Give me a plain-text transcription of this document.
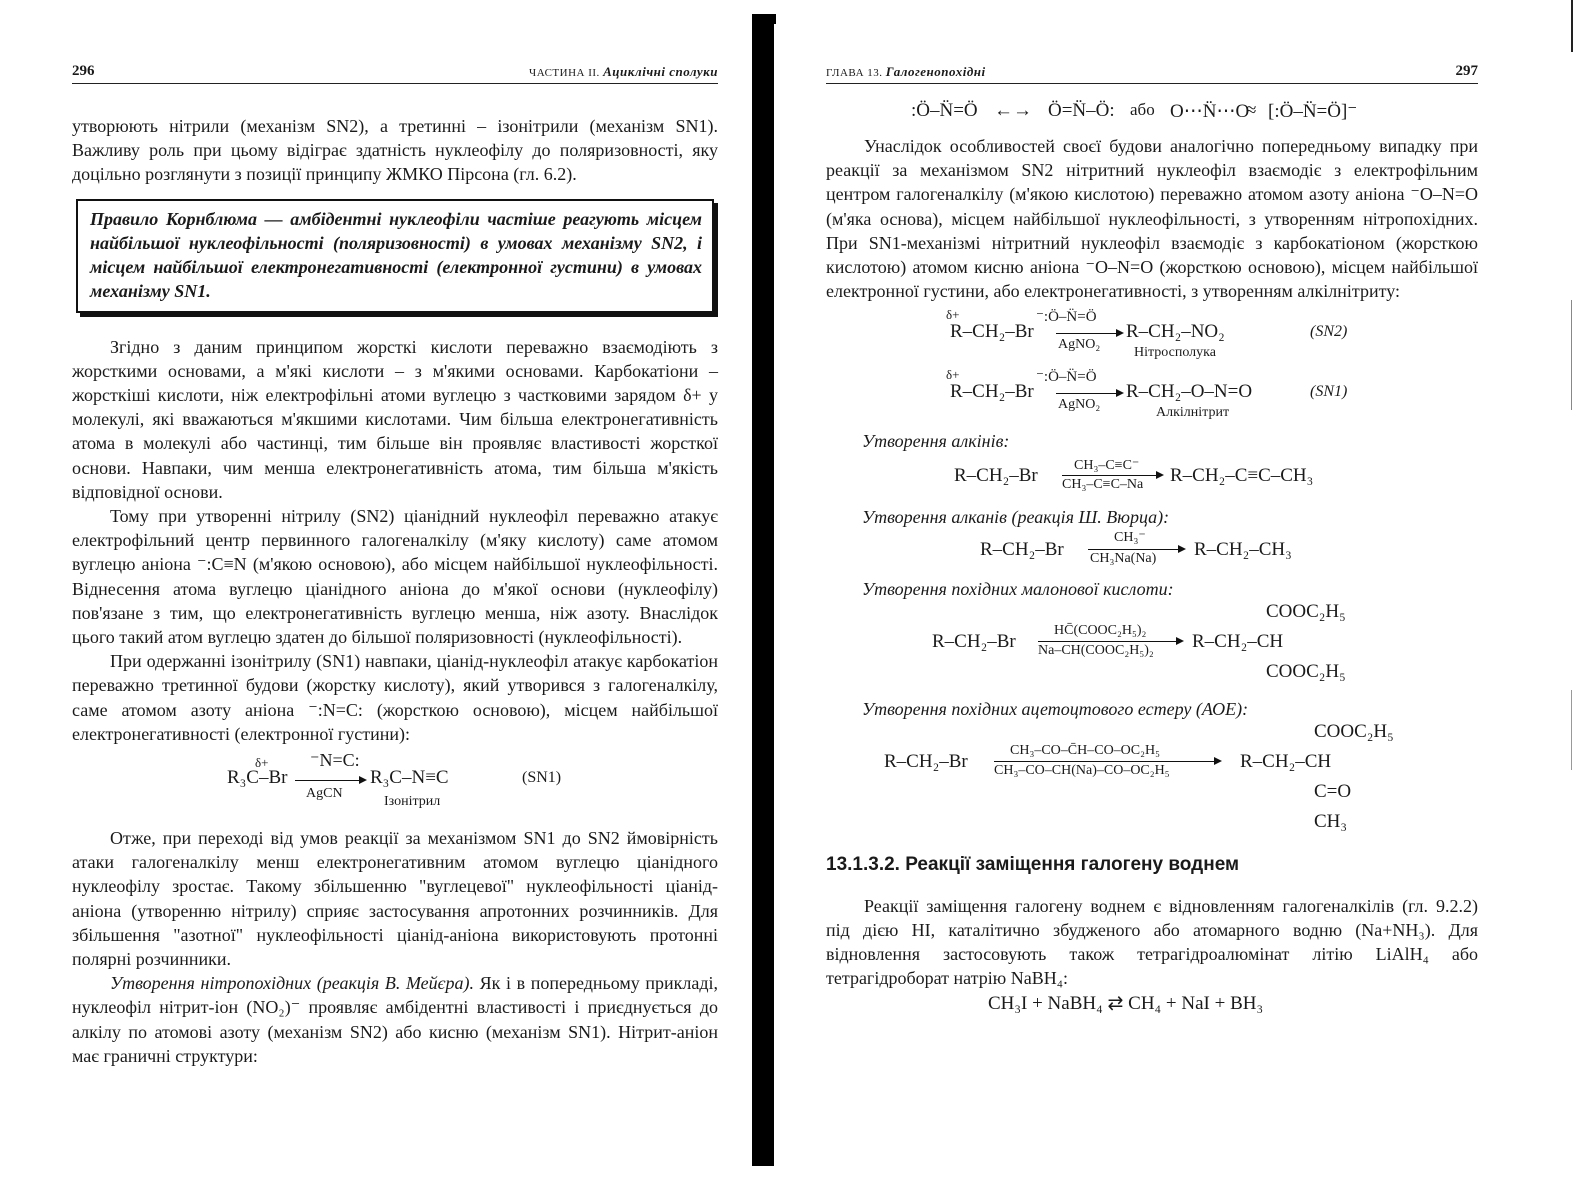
296	ЧАСТИНА II. Ациклічні сполуки

утворюють нітрили (механізм SN2), а третинні – ізонітрили (механізм SN1). Важливу роль при цьому відіграє здатність нуклеофілу до поляризовності, яку доцільно розглянути з позиції принципу ЖМКО Пірсона (гл. 6.2).

Правило Корнблюма — амбідентні нуклеофіли частіше реагують місцем найбільшої нуклеофільності (поляризовності) в умовах механізму SN2, і місцем найбільшої електронегативності (електронної густини) в умовах механізму SN1.

Згідно з даним принципом жорсткі кислоти переважно взаємодіють з жорсткими основами, а м'які кислоти – з м'якими основами. Карбокатіони – жорсткіші кислоти, ніж електрофільні атоми вуглецю з частковими зарядом δ+ у молекулі, які вважаються м'якшими кислотами. Чим більша електронегативність атома в молекулі або частинці, тим більше він проявляє властивості жорсткої основи. Навпаки, чим менша електронегативність атома, тим більша м'якість відповідної основи.

Тому при утворенні нітрилу (SN2) ціанідний нуклеофіл переважно атакує електрофільний центр первинного галогеналкілу (м'яку кислоту) саме атомом вуглецю аніона ⁻:C≡N (м'якою основою), або місцем найбільшої нуклеофільності. Віднесення атома вуглецю ціанідного аніона до м'якої основи (нуклеофілу) пов'язане з тим, що електронегативність вуглецю менша, ніж азоту. Внаслідок цього такий атом вуглецю здатен до більшої поляризовності (нуклеофільності).

При одержанні ізонітрилу (SN1) навпаки, ціанід-нуклеофіл атакує карбокатіон переважно третинної будови (жорстку кислоту), який утворився з галогеналкілу, саме атомом азоту аніона ⁻:N=C: (жорсткою основою), місцем найбільшої електронегативності (електронної густини):

δ+ ⁻N=C:
R₃C–Br
AgCN
R₃C–N≡C
Ізонітрил
(SN1)

Отже, при переході від умов реакції за механізмом SN1 до SN2 ймовірність атаки галогеналкілу менш електронегативним атомом вуглецю ціанідного нуклеофілу зростає. Такому збільшенню "вуглецевої" нуклеофільності ціанід-аніона (утворенню нітрилу) сприяє застосування апротонних розчинників. Для збільшення "азотної" нуклеофільності ціанід-аніона використовують протонні полярні розчинники.

Утворення нітропохідних (реакція В. Мейєра). Як і в попередньому прикладі, нуклеофіл нітрит-іон (NO₂)⁻ проявляє амбідентні властивості і приєднується до алкілу по атомові азоту (механізм SN2) або кисню (механізм SN1). Нітрит-аніон має граничні структури:

ГЛАВА 13. Галогенопохідні	297
:Ö–N̈=Ö ←→ Ö=N̈–Ö: або O⋯N̈⋯O
≈ [:Ö–N̈=Ö]⁻

Унаслідок особливостей своєї будови аналогічно попередньому випадку при реакції за механізмом SN2 нітритний нуклеофіл взаємодіє з електрофільним центром галогеналкілу (м'якою кислотою) переважно атомом азоту аніона ⁻O–N=O (м'яка основа), місцем найбільшої нуклеофільності, з утворенням нітропохідних. При SN1-механізмі нітритний нуклеофіл взаємодіє з карбокатіоном (жорсткою кислотою) атомом кисню аніона ⁻O–N=O (жорсткою основою), місцем найбільшої електронної густини, або електронегативності, з утворенням алкілнітриту:

δ+	⁻:Ö–N̈=Ö
R–CH₂–Br
AgNO₂
R–CH₂–NO₂
Нітросполука
(SN2)
δ+	⁻:Ö–N̈=Ö
R–CH₂–Br
AgNO₂
R–CH₂–O–N=O
Алкілнітрит
(SN1)

Утворення алкінів:

R–CH₂–Br	CH₃–C≡C⁻
CH₃–C≡C–Na R–CH₂–C≡C–CH₃

Утворення алканів (реакція Ш. Вюрца):

R–CH₂–Br
CH₃⁻
CH₃Na(Na) R–CH₂–CH₃

Утворення похідних малонової кислоти:

COOC₂H₅
R–CH₂–Br
HC̄(COOC₂H₅)₂
Na–CH(COOC₂H₅)₂ R–CH₂–CH
COOC₂H₅

Утворення похідних ацетоцтового естеру (АОЕ):

COOC₂H₅
R–CH₂–Br
CH₃–CO–C̄H–CO–OC₂H₅
CH₃–CO–CH(Na)–CO–OC₂H₅	R–CH₂–CH
C=O
CH₃

13.1.3.2. Реакції заміщення галогену воднем

Реакції заміщення галогену воднем є відновленням галогеналкілів (гл. 9.2.2) під дією HI, каталітично збудженого або атомарного водню (Na+NH₃). Для відновлення застосовують також тетрагідроалюмінат літію LiAlH₄ або тетрагідроборат натрію NaBH₄:

CH₃I + NaBH₄ ⇄ CH₄ + NaI + BH₃
